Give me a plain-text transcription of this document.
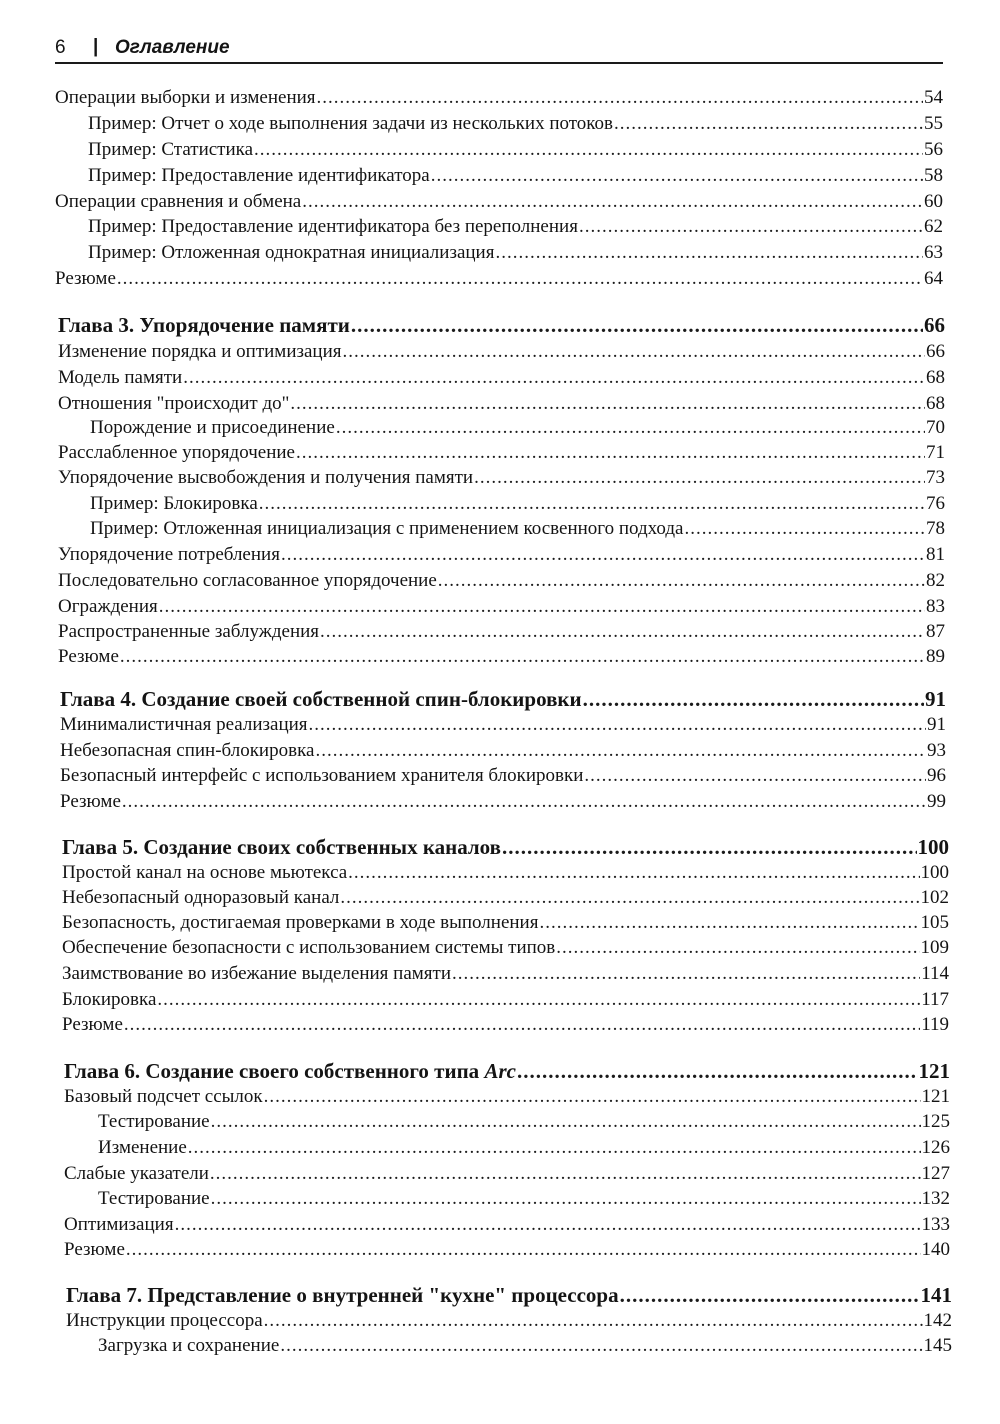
6 | Оглавление
Операции выборки и изменения .....	54
Пример: Отчет о ходе выполнения задачи из нескольких потоков .....	55
Пример: Статистика .....	56
Пример: Предоставление идентификатора .....	58
Операции сравнения и обмена .....	60
Пример: Предоставление идентификатора без переполнения .....	62
Пример: Отложенная однократная инициализация .....	63
Резюме .....	64
Глава 3. Упорядочение памяти .....	66
Изменение порядка и оптимизация .....	66
Модель памяти .....	68
Отношения "происходит до" .....	68
Порождение и присоединение .....	70
Расслабленное упорядочение .....	71
Упорядочение высвобождения и получения памяти .....	73
Пример: Блокировка .....	76
Пример: Отложенная инициализация с применением косвенного подхода .....	78
Упорядочение потребления .....	81
Последовательно согласованное упорядочение .....	82
Ограждения .....	83
Распространенные заблуждения .....	87
Резюме .....	89
Глава 4. Создание своей собственной спин-блокировки .....	91
Минималистичная реализация .....	91
Небезопасная спин-блокировка .....	93
Безопасный интерфейс с использованием хранителя блокировки .....	96
Резюме .....	99
Глава 5. Создание своих собственных каналов .....	100
Простой канал на основе мьютекса .....	100
Небезопасный одноразовый канал .....	102
Безопасность, достигаемая проверками в ходе выполнения .....	105
Обеспечение безопасности с использованием системы типов .....	109
Заимствование во избежание выделения памяти .....	114
Блокировка .....	117
Резюме .....	119
Глава 6. Создание своего собственного типа Arc .....	121
Базовый подсчет ссылок .....	121
Тестирование .....	125
Изменение .....	126
Слабые указатели .....	127
Тестирование .....	132
Оптимизация .....	133
Резюме .....	140
Глава 7. Представление о внутренней "кухне" процессора .....	141
Инструкции процессора .....	142
Загрузка и сохранение .....	145
